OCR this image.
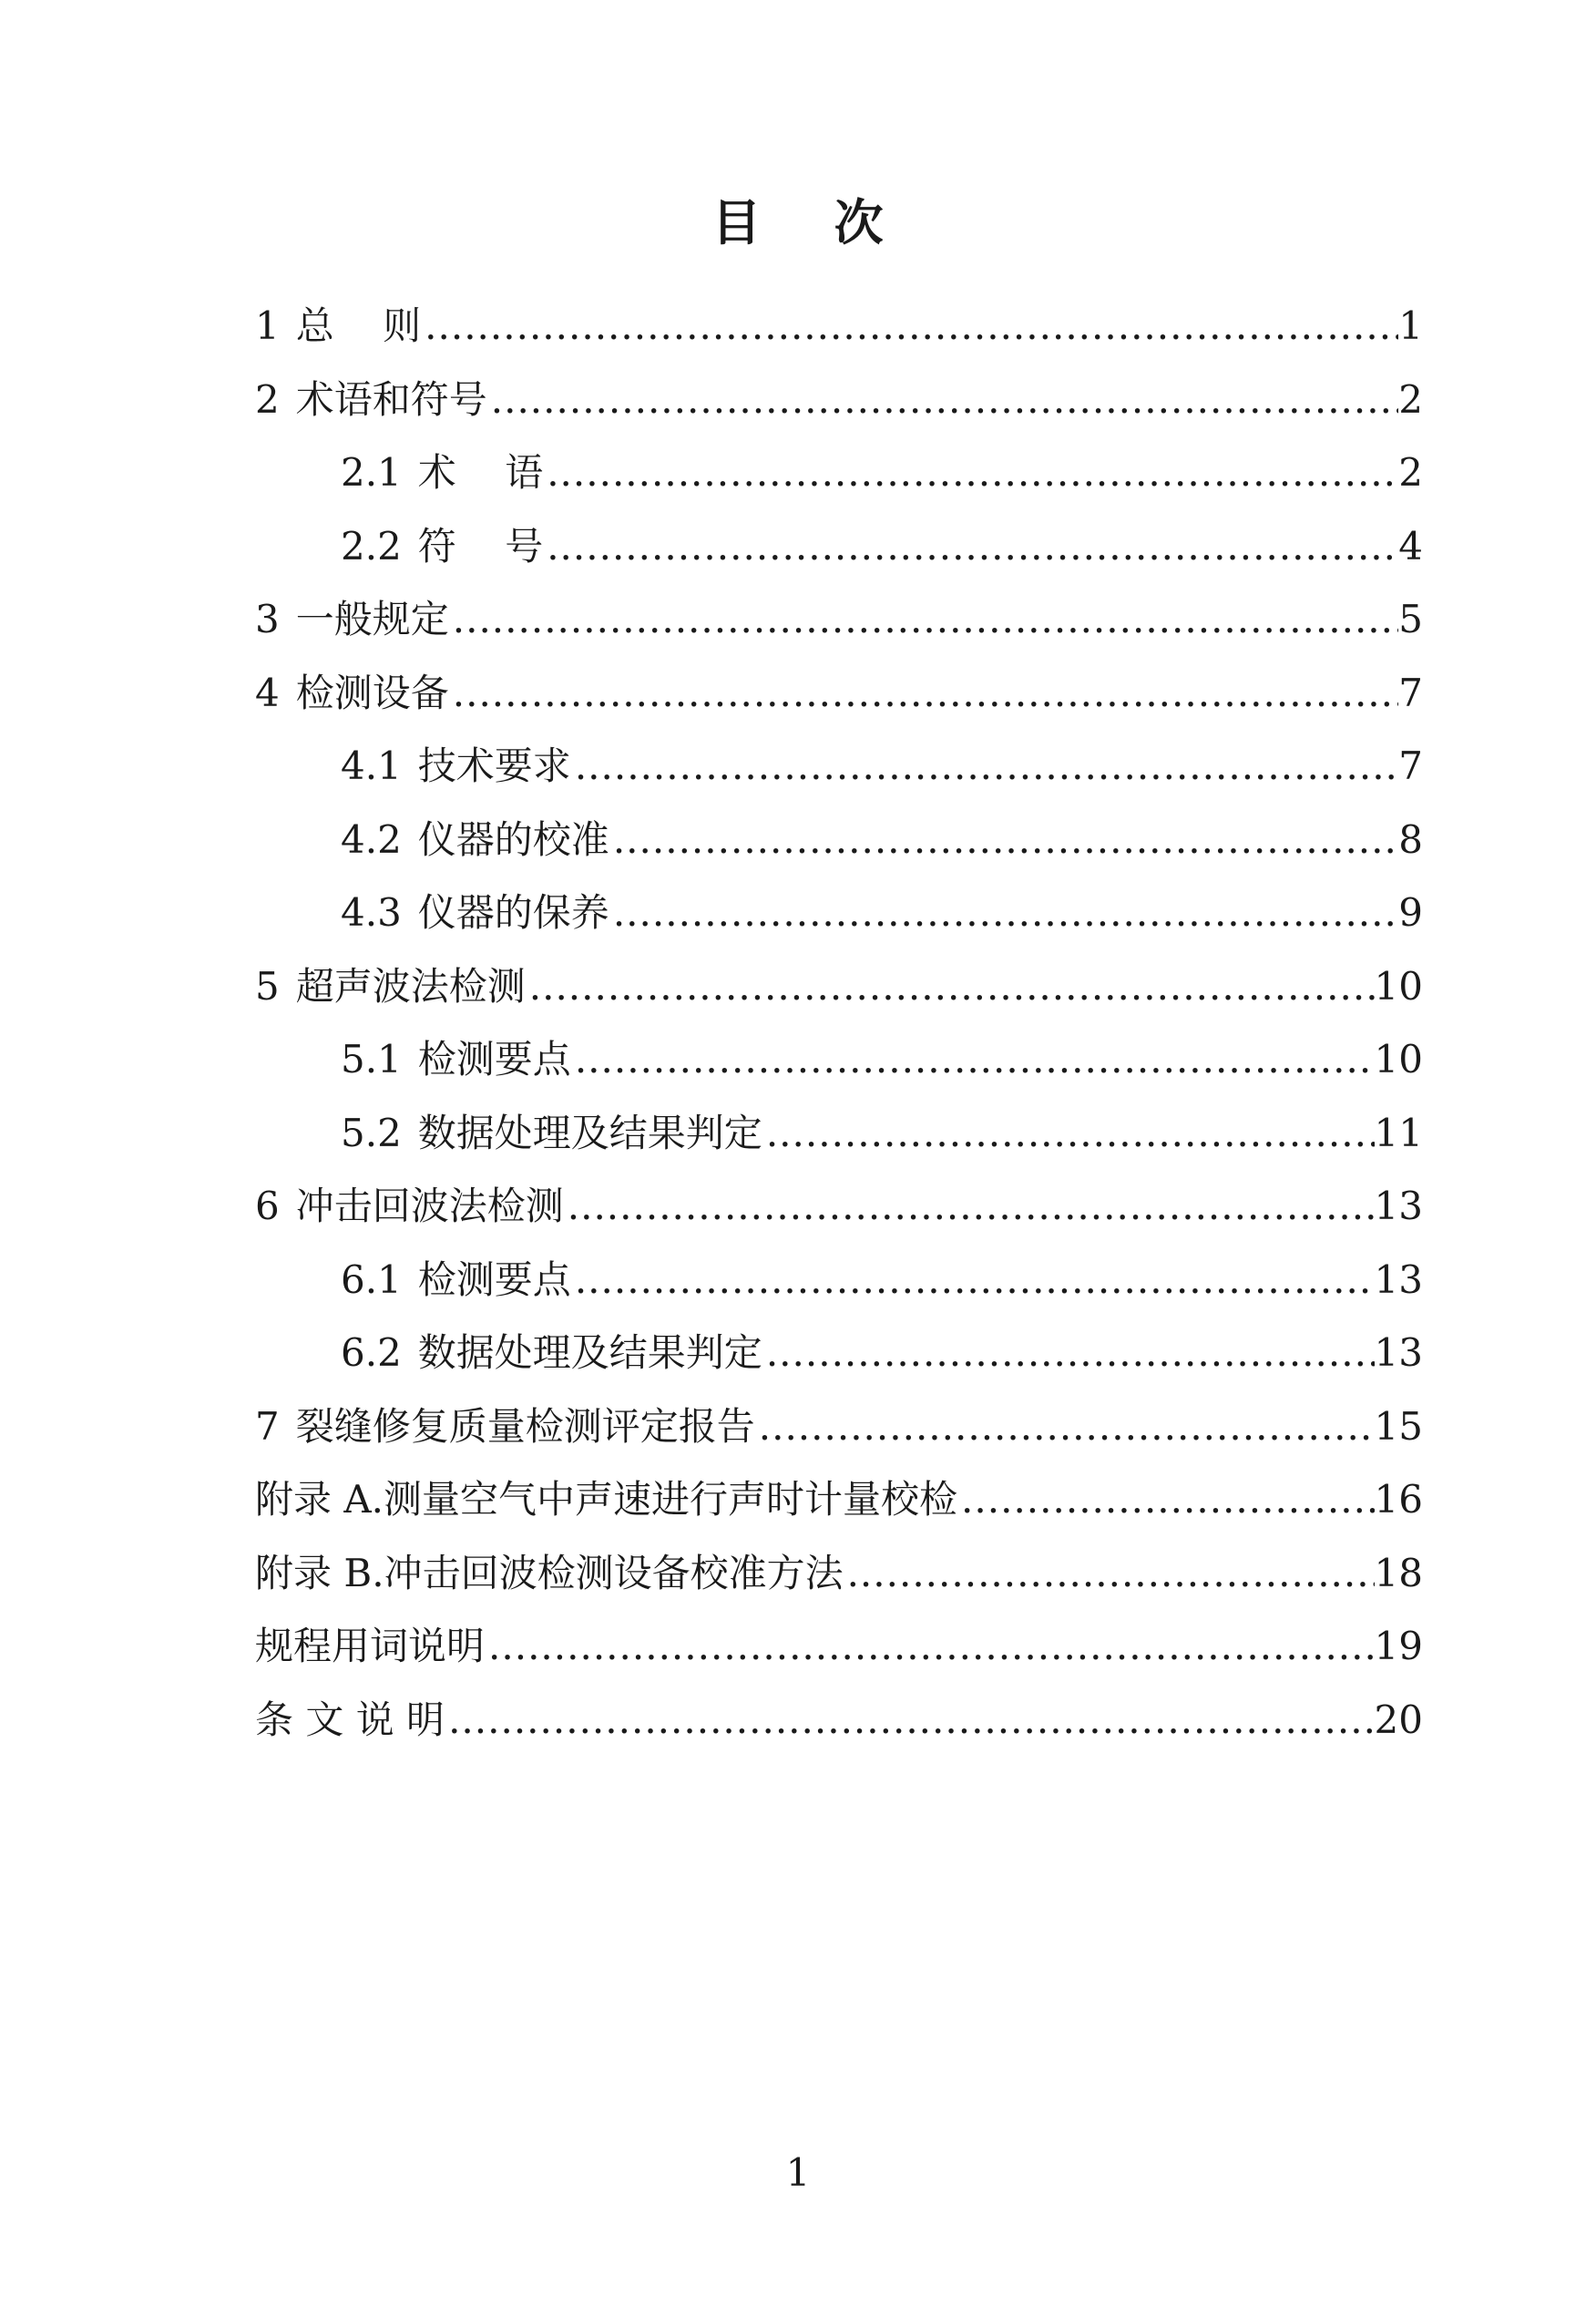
目    次
1 总    则 .....	1
2 术语和符号 .....	2
2.1 术    语 .....	2
2.2 符    号 .....	4
3 一般规定 .....	5
4 检测设备 .....	7
4.1 技术要求 .....	7
4.2 仪器的校准 .....	8
4.3 仪器的保养 .....	9
5 超声波法检测 .....	10
5.1 检测要点 .....	10
5.2 数据处理及结果判定 .....	11
6 冲击回波法检测 .....	13
6.1 检测要点 .....	13
6.2 数据处理及结果判定 .....	13
7 裂缝修复质量检测评定报告 .....	15
附录 A.测量空气中声速进行声时计量校检 .....	16
附录 B.冲击回波检测设备校准方法 .....	18
规程用词说明 .....	19
条 文 说 明 .....	20
1
